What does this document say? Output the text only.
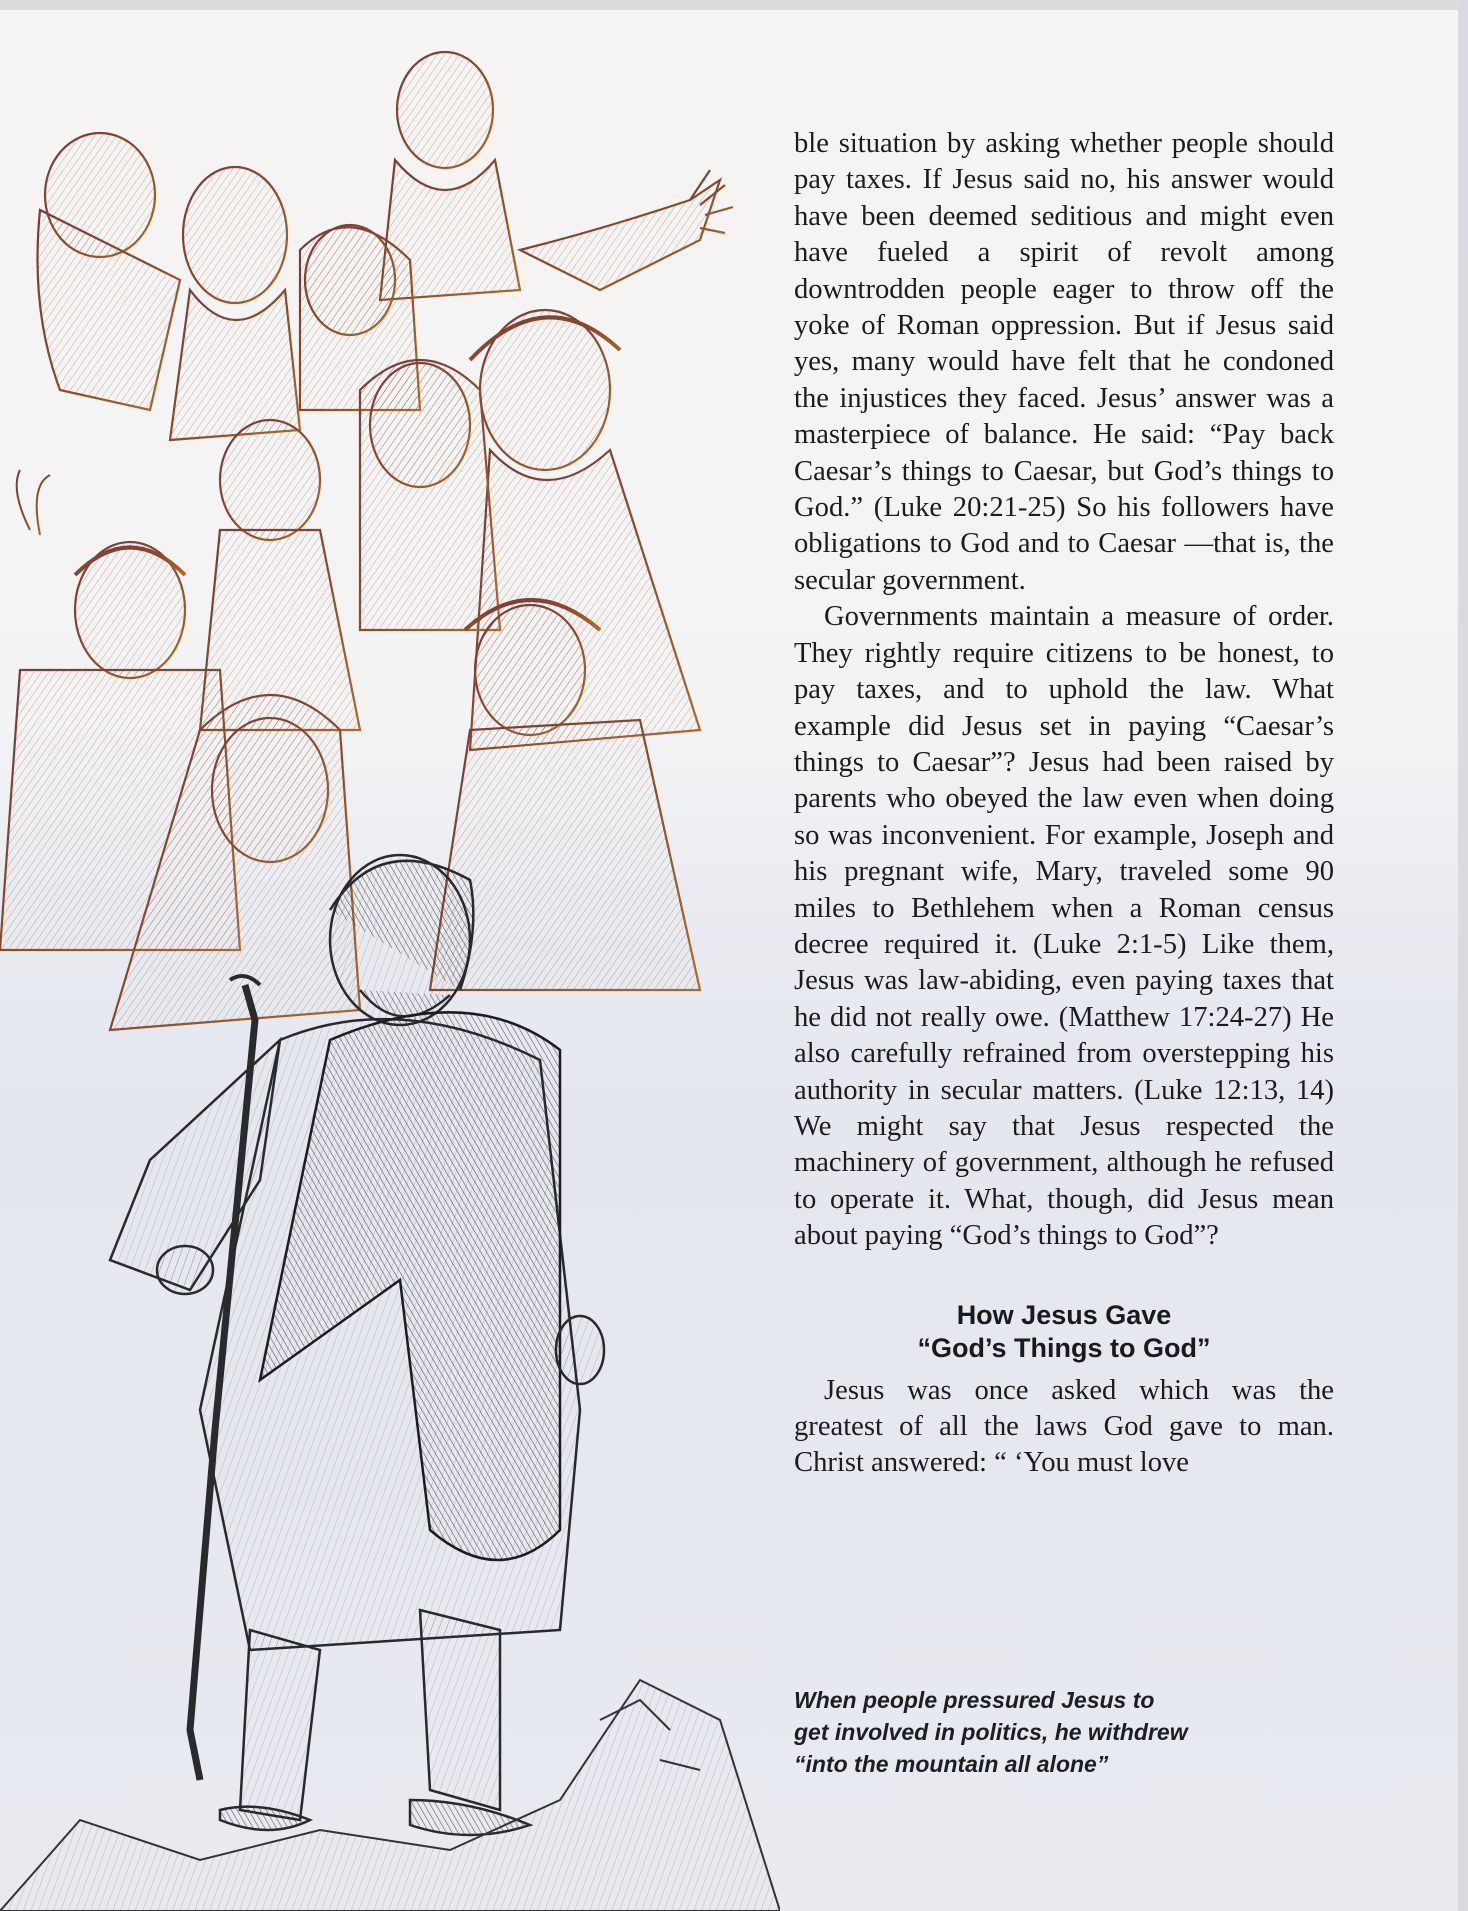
ble situation by asking whether people should pay taxes. If Jesus said no, his answer would have been deemed seditious and might even have fueled a spirit of revolt among downtrodden people eager to throw off the yoke of Roman oppression. But if Jesus said yes, many would have felt that he condoned the injustices they faced. Jesus’ answer was a masterpiece of balance. He said: “Pay back Caesar’s things to Caesar, but God’s things to God.” (Luke 20:21-25) So his followers have obligations to God and to Caesar —that is, the secular government.

Governments maintain a measure of order. They rightly require citizens to be honest, to pay taxes, and to uphold the law. What example did Jesus set in paying “Caesar’s things to Caesar”? Jesus had been raised by parents who obeyed the law even when doing so was inconvenient. For example, Joseph and his pregnant wife, Mary, traveled some 90 miles to Bethlehem when a Roman census decree required it. (Luke 2:1-5) Like them, Jesus was law-abiding, even paying taxes that he did not really owe. (Matthew 17:24-27) He also carefully refrained from overstepping his authority in secular matters. (Luke 12:13, 14) We might say that Jesus respected the machinery of government, although he refused to operate it. What, though, did Jesus mean about paying “God’s things to God”?

How Jesus Gave
“God’s Things to God”

Jesus was once asked which was the greatest of all the laws God gave to man. Christ answered: “ ‘You must love

When people pressured Jesus to
get involved in politics, he withdrew
“into the mountain all alone”
